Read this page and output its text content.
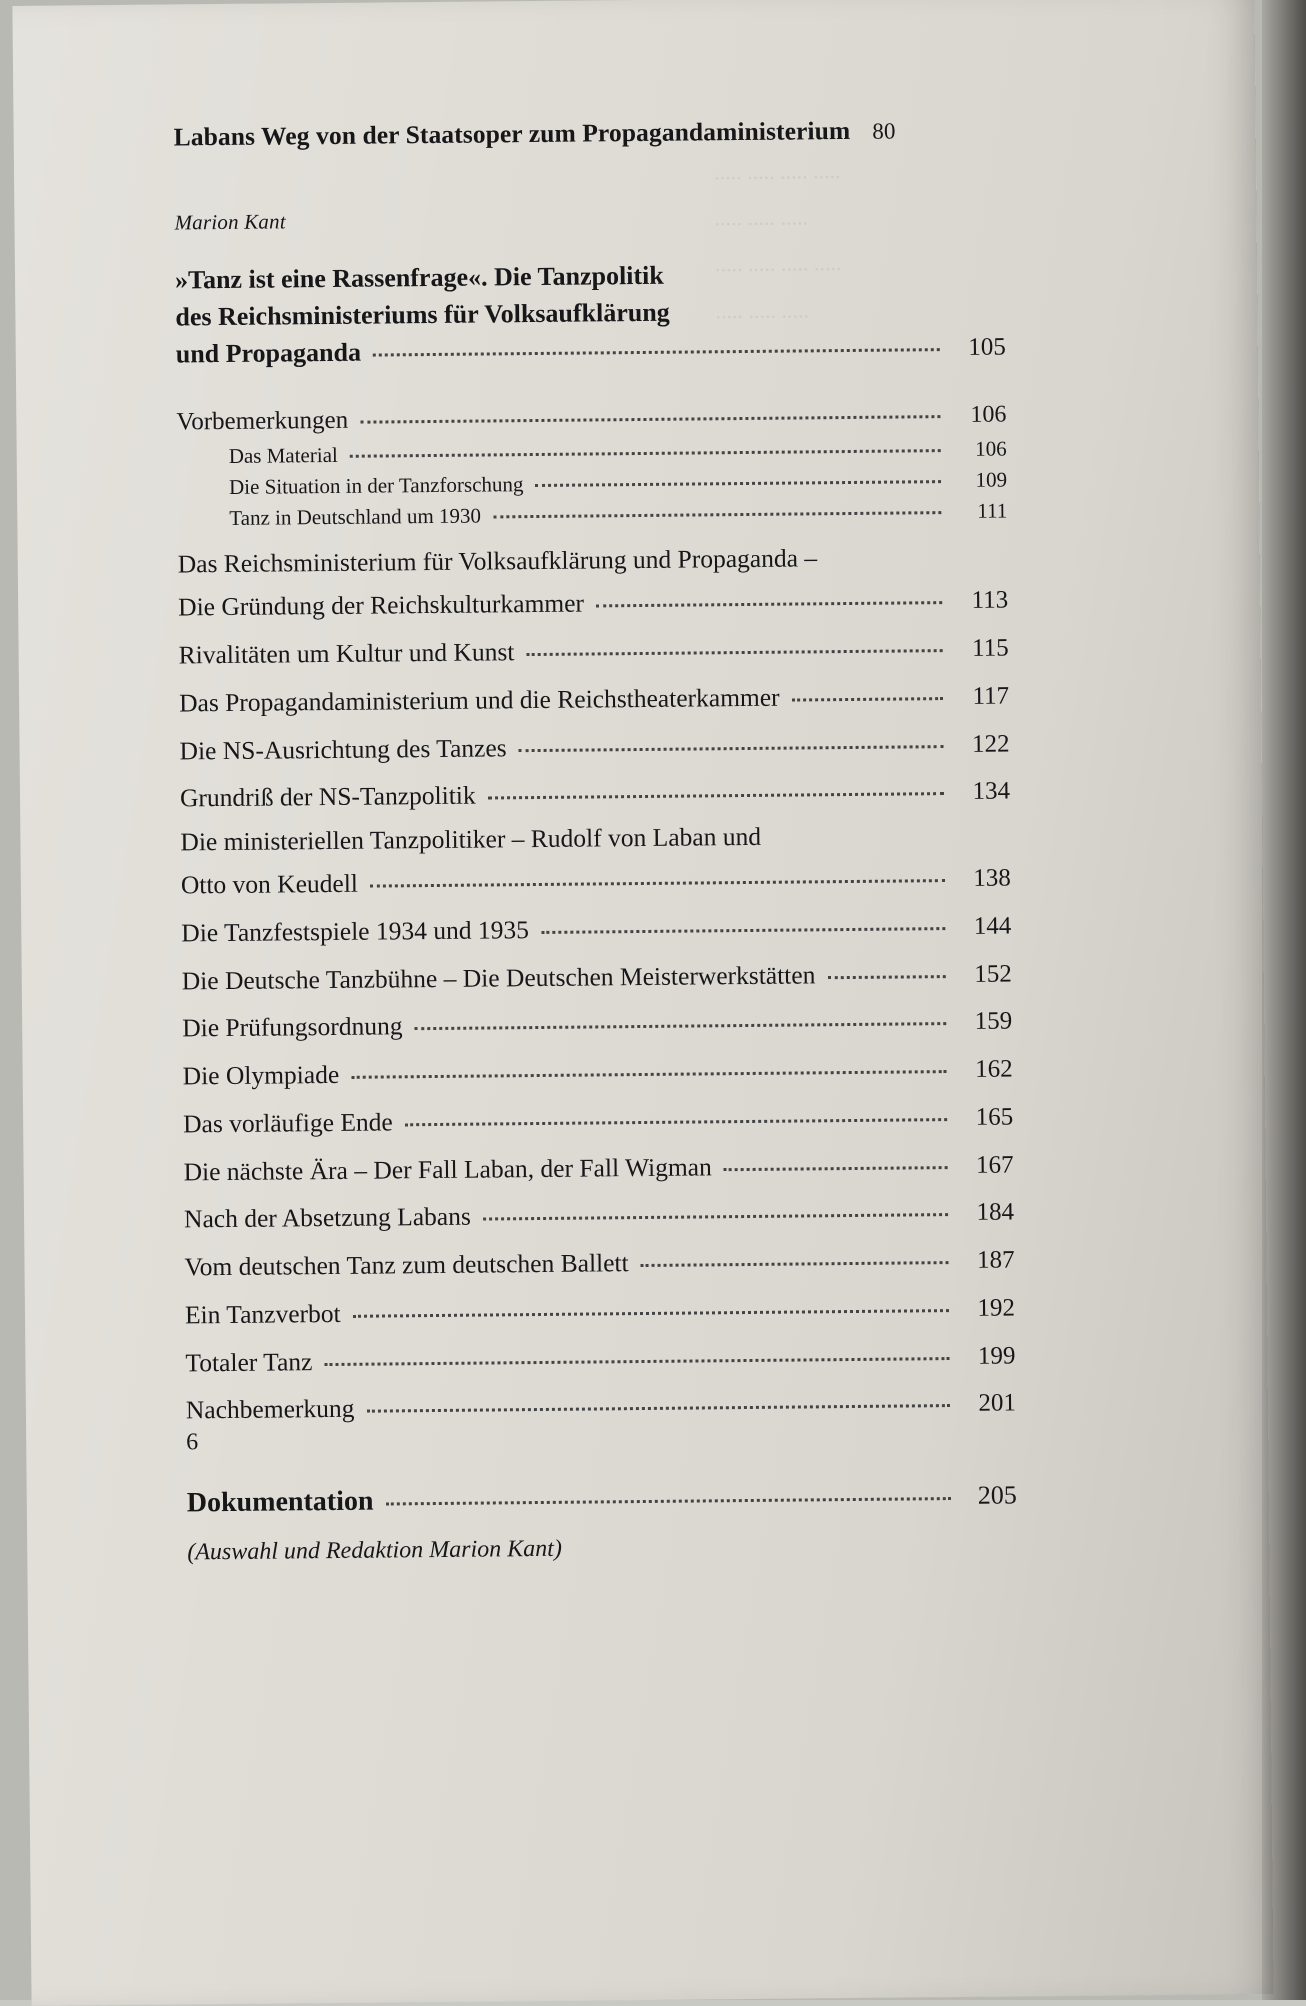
..... ..... ..... .....
..... ..... .....
..... ..... ..... .....
..... ..... .....
Labans Weg von der Staatsoper zum Propagandaministerium 80
Marion Kant
»Tanz ist eine Rassenfrage«. Die Tanzpolitik
des Reichsministeriums für Volksaufklärung
und Propaganda	105
Vorbemerkungen	106
Das Material	106
Die Situation in der Tanzforschung	109
Tanz in Deutschland um 1930	111
Das Reichsministerium für Volksaufklärung und Propaganda –
Die Gründung der Reichskulturkammer	113
Rivalitäten um Kultur und Kunst	115
Das Propagandaministerium und die Reichstheaterkammer	117
Die NS-Ausrichtung des Tanzes	122
Grundriß der NS-Tanzpolitik	134
Die ministeriellen Tanzpolitiker – Rudolf von Laban und
Otto von Keudell	138
Die Tanzfestspiele 1934 und 1935	144
Die Deutsche Tanzbühne – Die Deutschen Meisterwerkstätten	152
Die Prüfungsordnung	159
Die Olympiade	162
Das vorläufige Ende	165
Die nächste Ära – Der Fall Laban, der Fall Wigman	167
Nach der Absetzung Labans	184
Vom deutschen Tanz zum deutschen Ballett	187
Ein Tanzverbot	192
Totaler Tanz	199
Nachbemerkung	201
Dokumentation	205
(Auswahl und Redaktion Marion Kant)
6
